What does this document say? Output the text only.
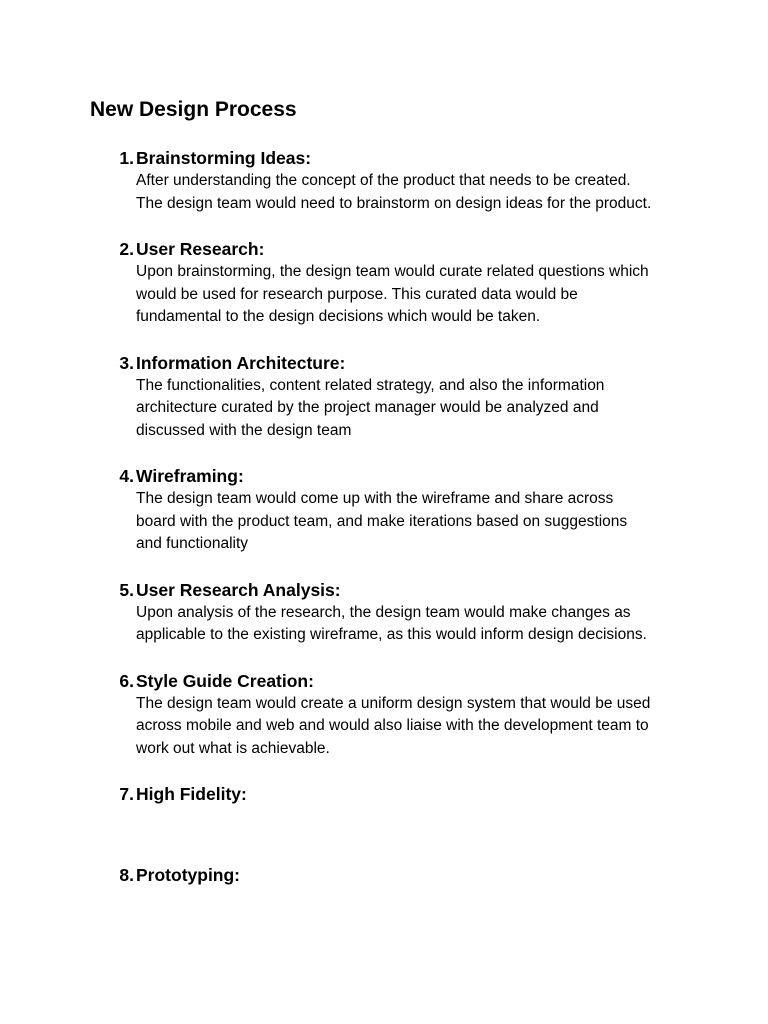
New Design Process
1. Brainstorming Ideas:

After understanding the concept of the product that needs to be created.
The design team would need to brainstorm on design ideas for the product.

2. User Research:

Upon brainstorming, the design team would curate related questions which
would be used for research purpose. This curated data would be
fundamental to the design decisions which would be taken.

3. Information Architecture:

The functionalities, content related strategy, and also the information
architecture curated by the project manager would be analyzed and
discussed with the design team

4. Wireframing:

The design team would come up with the wireframe and share across
board with the product team, and make iterations based on suggestions
and functionality

5. User Research Analysis:

Upon analysis of the research, the design team would make changes as
applicable to the existing wireframe, as this would inform design decisions.

6. Style Guide Creation:

The design team would create a uniform design system that would be used
across mobile and web and would also liaise with the development team to
work out what is achievable.

7. High Fidelity:
8. Prototyping:
